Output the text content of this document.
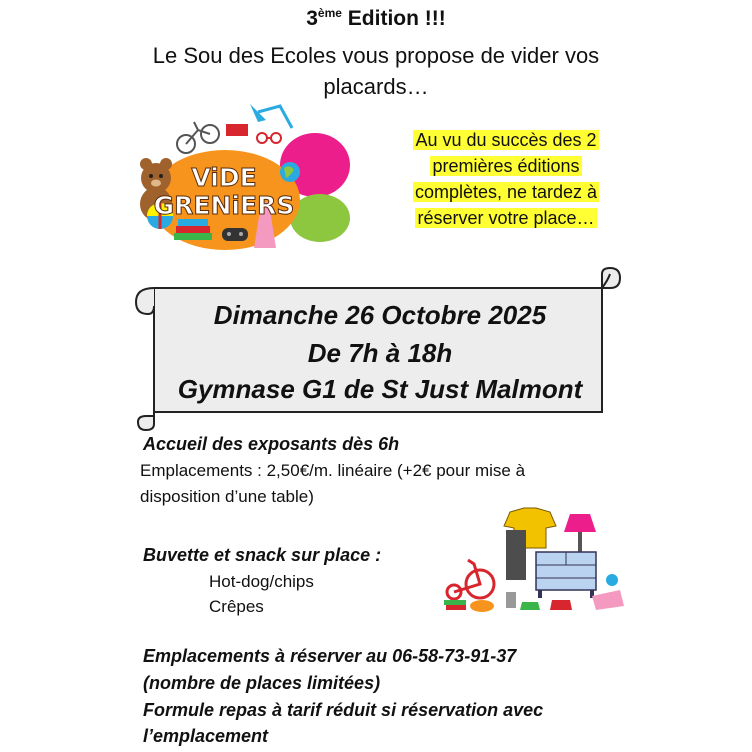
3ème Edition !!!
Le Sou des Ecoles vous propose de vider vos placards…
ViDE
GRENiERS
Au vu du succès des 2
premières éditions
complètes, ne tardez à
réserver votre place…
Dimanche 26 Octobre 2025
De 7h à 18h
Gymnase G1 de St Just Malmont
Accueil des exposants dès 6h
Emplacements : 2,50€/m. linéaire (+2€ pour mise à
disposition d’une table)
Buvette et snack sur place :
Hot-dog/chips
Crêpes
Emplacements à réserver au 06-58-73-91-37
(nombre de places limitées)
Formule repas à tarif réduit si réservation avec
l’emplacement
